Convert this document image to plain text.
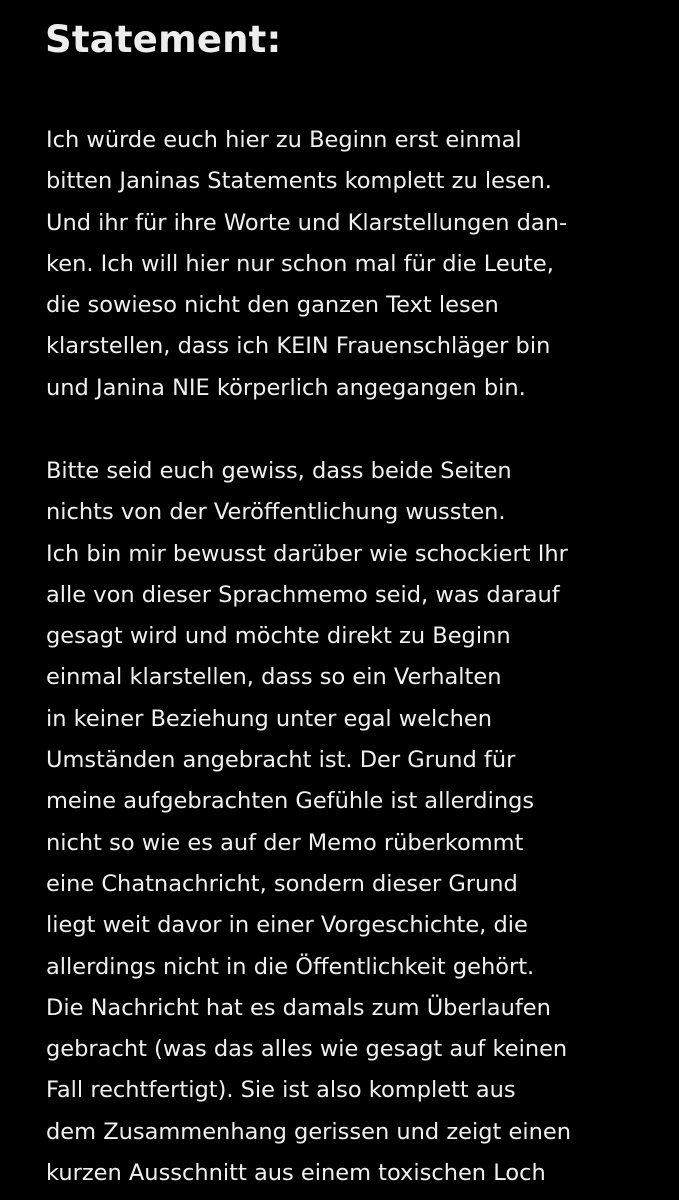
Statement:

Ich würde euch hier zu Beginn erst einmal
bitten Janinas Statements komplett zu lesen.
Und ihr für ihre Worte und Klarstellungen dan-
ken. Ich will hier nur schon mal für die Leute,
die sowieso nicht den ganzen Text lesen
klarstellen, dass ich KEIN Frauenschläger bin
und Janina NIE körperlich angegangen bin.

Bitte seid euch gewiss, dass beide Seiten
nichts von der Veröffentlichung wussten.
Ich bin mir bewusst darüber wie schockiert Ihr
alle von dieser Sprachmemo seid, was darauf
gesagt wird und möchte direkt zu Beginn
einmal klarstellen, dass so ein Verhalten
in keiner Beziehung unter egal welchen
Umständen angebracht ist. Der Grund für
meine aufgebrachten Gefühle ist allerdings
nicht so wie es auf der Memo rüberkommt
eine Chatnachricht, sondern dieser Grund
liegt weit davor in einer Vorgeschichte, die
allerdings nicht in die Öffentlichkeit gehört.
Die Nachricht hat es damals zum Überlaufen
gebracht (was das alles wie gesagt auf keinen
Fall rechtfertigt). Sie ist also komplett aus
dem Zusammenhang gerissen und zeigt einen
kurzen Ausschnitt aus einem toxischen Loch
